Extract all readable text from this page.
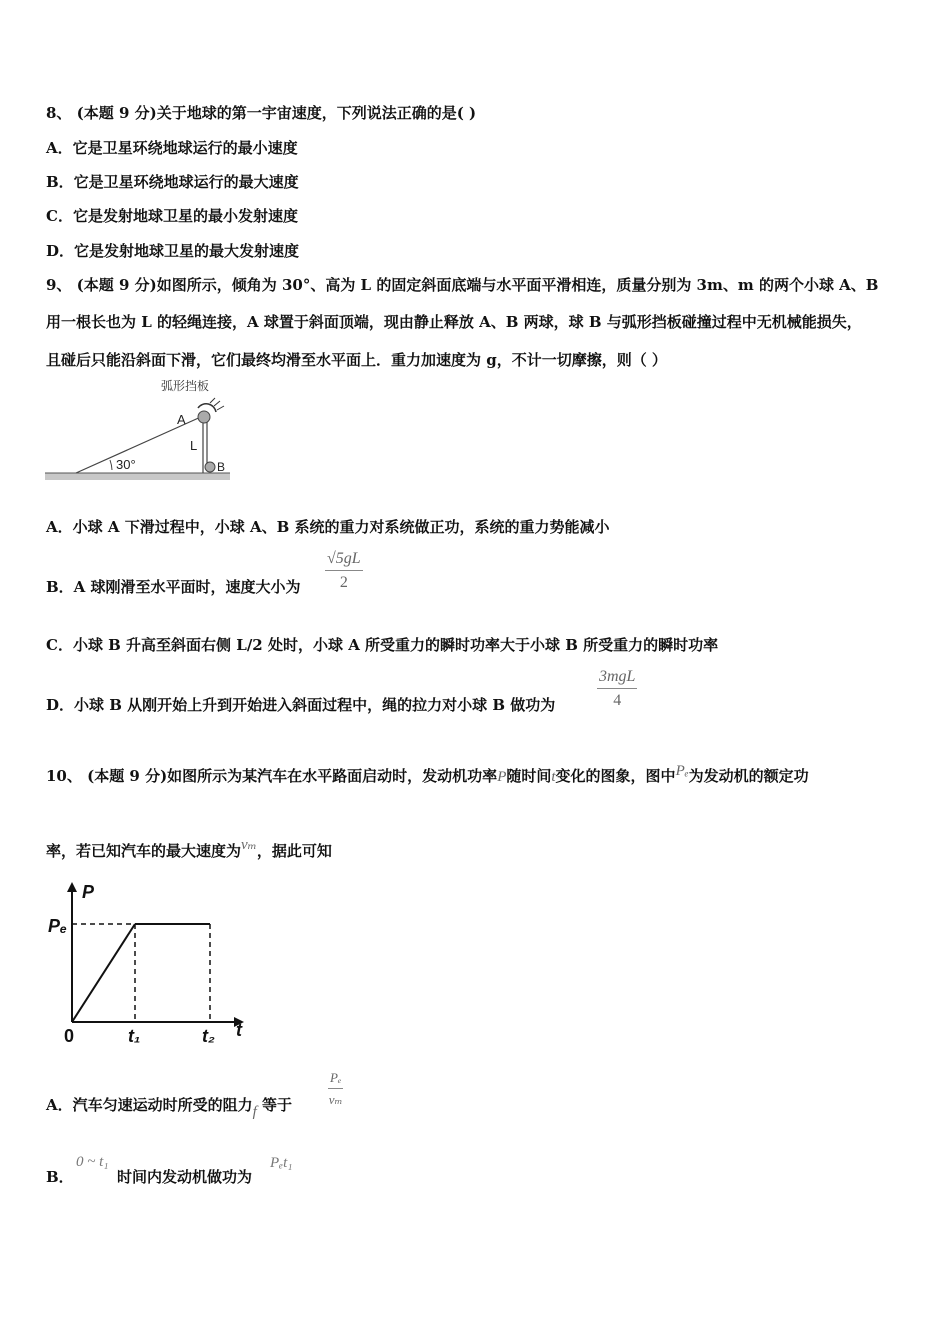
8、 (本题 9 分)关于地球的第一宇宙速度，下列说法正确的是( )
A．它是卫星环绕地球运行的最小速度
B．它是卫星环绕地球运行的最大速度
C．它是发射地球卫星的最小发射速度
D．它是发射地球卫星的最大发射速度
9、 (本题 9 分)如图所示，倾角为 30°、高为 L 的固定斜面底端与水平面平滑相连，质量分别为 3m、m 的两个小球 A、B
用一根长也为 L 的轻绳连接，A 球置于斜面顶端，现由静止释放 A、B 两球，球 B 与弧形挡板碰撞过程中无机械能损失，
且碰后只能沿斜面下滑，它们最终均滑至水平面上．重力加速度为 g，不计一切摩擦，则（ ）
弧形挡板
A
L
B
30°
A．小球 A 下滑过程中，小球 A、B 系统的重力对系统做正功，系统的重力势能减小
B．A 球刚滑至水平面时，速度大小为 $\frac{√5gL}{2}$
C．小球 B 升高至斜面右侧 L/2 处时，小球 A 所受重力的瞬时功率大于小球 B 所受重力的瞬时功率
D．小球 B 从刚开始上升到开始进入斜面过程中，绳的拉力对小球 B 做功为
3mgL
4
10、 (本题 9 分)如图所示为某汽车在水平路面启动时，发动机功率P随时间t变化的图象，图中Pₑ为发动机的额定功
率，若已知汽车的最大速度为vₘ，据此可知
P
t
0
Pₑ
t₁	t₂
A．汽车匀速运动时所受的阻力f 等于	$\frac{\text{Pₑ}}{\text{vₘ}}$
B．
0 ~ t₁
时间内发动机做功为
Pₑt₁
